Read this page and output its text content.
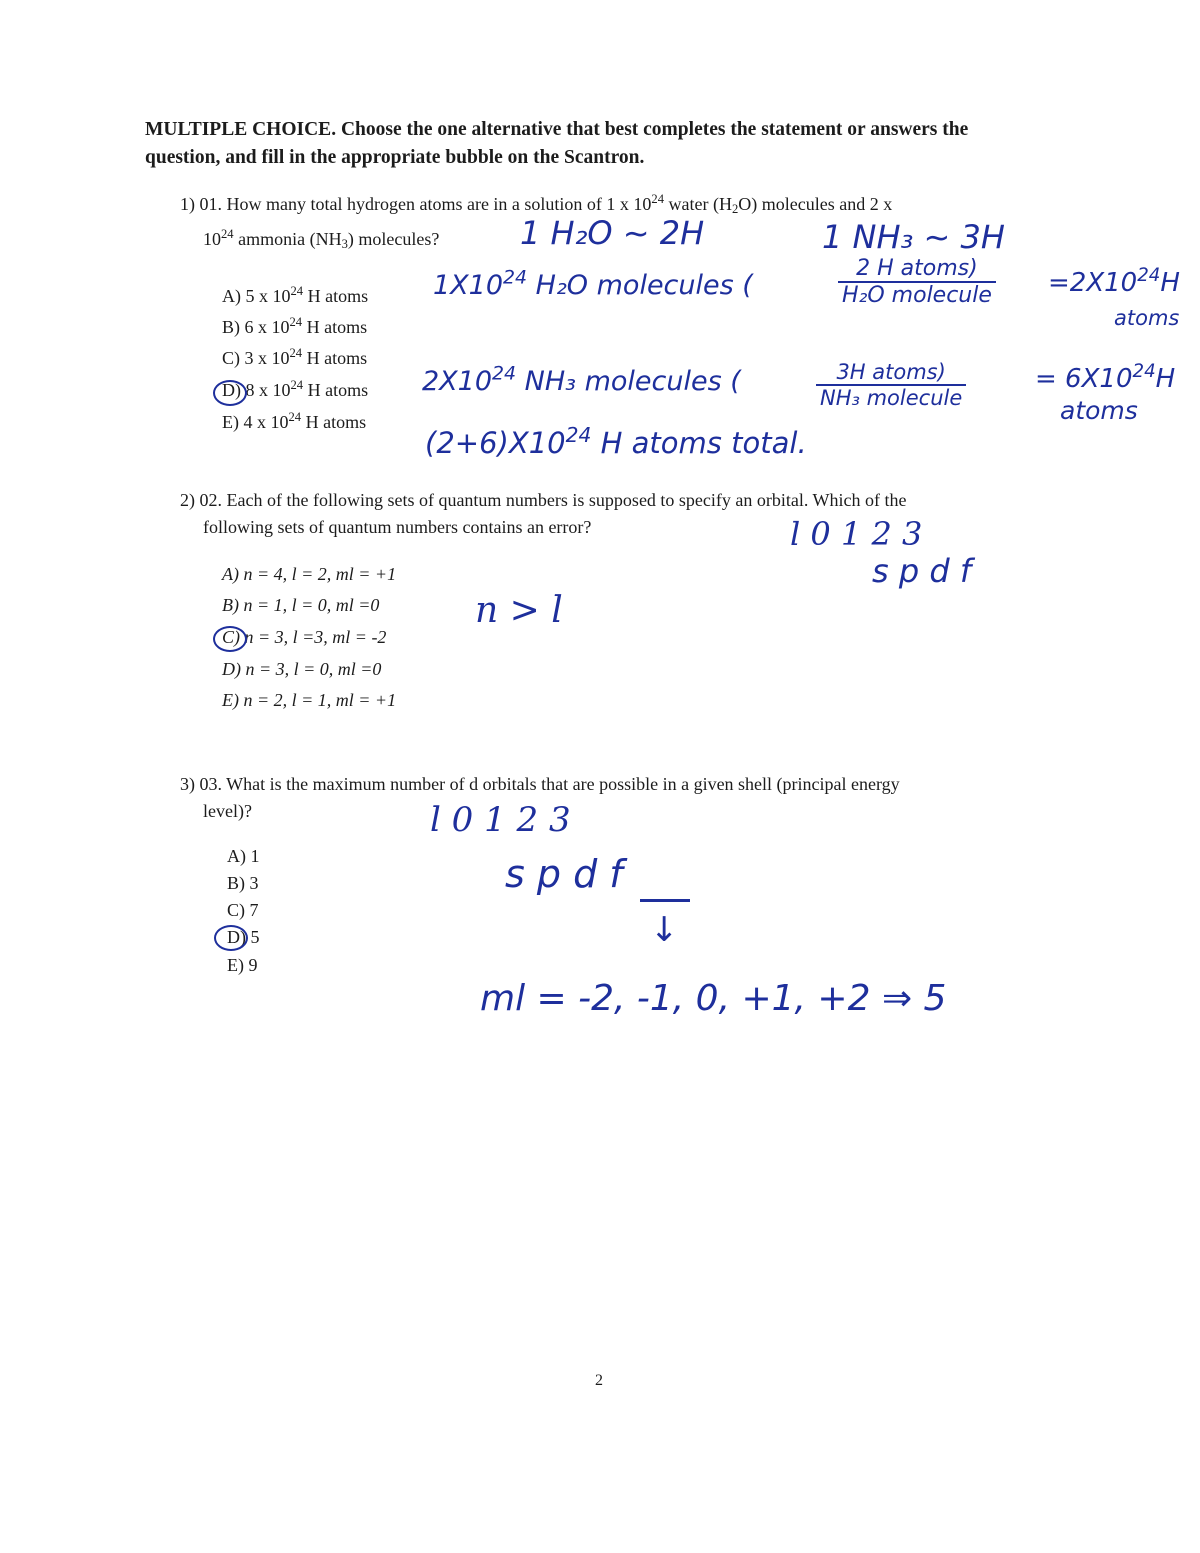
MULTIPLE CHOICE. Choose the one alternative that best completes the statement or answers the
question, and fill in the appropriate bubble on the Scantron.
1) 01. How many total hydrogen atoms are in a solution of 1 x $10^{24}$ water $(H_2O)$ molecules and 2 x
$10^{24}$ ammonia $(NH_3)$ molecules?
A) 5 x $10^{24}$ H atoms
B) 6 x $10^{24}$ H atoms
C) 3 x $10^{24}$ H atoms
D) 8 x $10^{24}$ H atoms
E) 4 x $10^{24}$ H atoms
1 H₂O ~ 2H	1 NH₃ ~ 3H
$1X10^{24}$ H₂O molecules (	$\frac{\text{2 H atoms)}}{\text{H₂O molecule}} =2X10^{24}H$
atoms
$2X10^{24}$ NH₃ molecules (	$\frac{\text{3H atoms)}}{\text{NH₃ molecule}}$	= $6X10^{24}H$
atoms
$(2+6)X10^{24}$ H atoms total.
2) 02. Each of the following sets of quantum numbers is supposed to specify an orbital. Which of the
following sets of quantum numbers contains an error?
A) n = 4, l = 2, ml = +1
B) n = 1, l = 0, ml =0
C) n = 3, l =3, ml = -2
D) n = 3, l = 0, ml =0
E) n = 2, l = 1, ml = +1
l 0 1 2 3
s p d f
n > l
3) 03. What is the maximum number of d orbitals that are possible in a given shell (principal energy
level)?
A) 1
B) 3
C) 7
D) 5
E) 9
l 0 1 2 3
s p d f
↓
ml = -2, -1, 0, +1, +2 ⇒ 5
2
